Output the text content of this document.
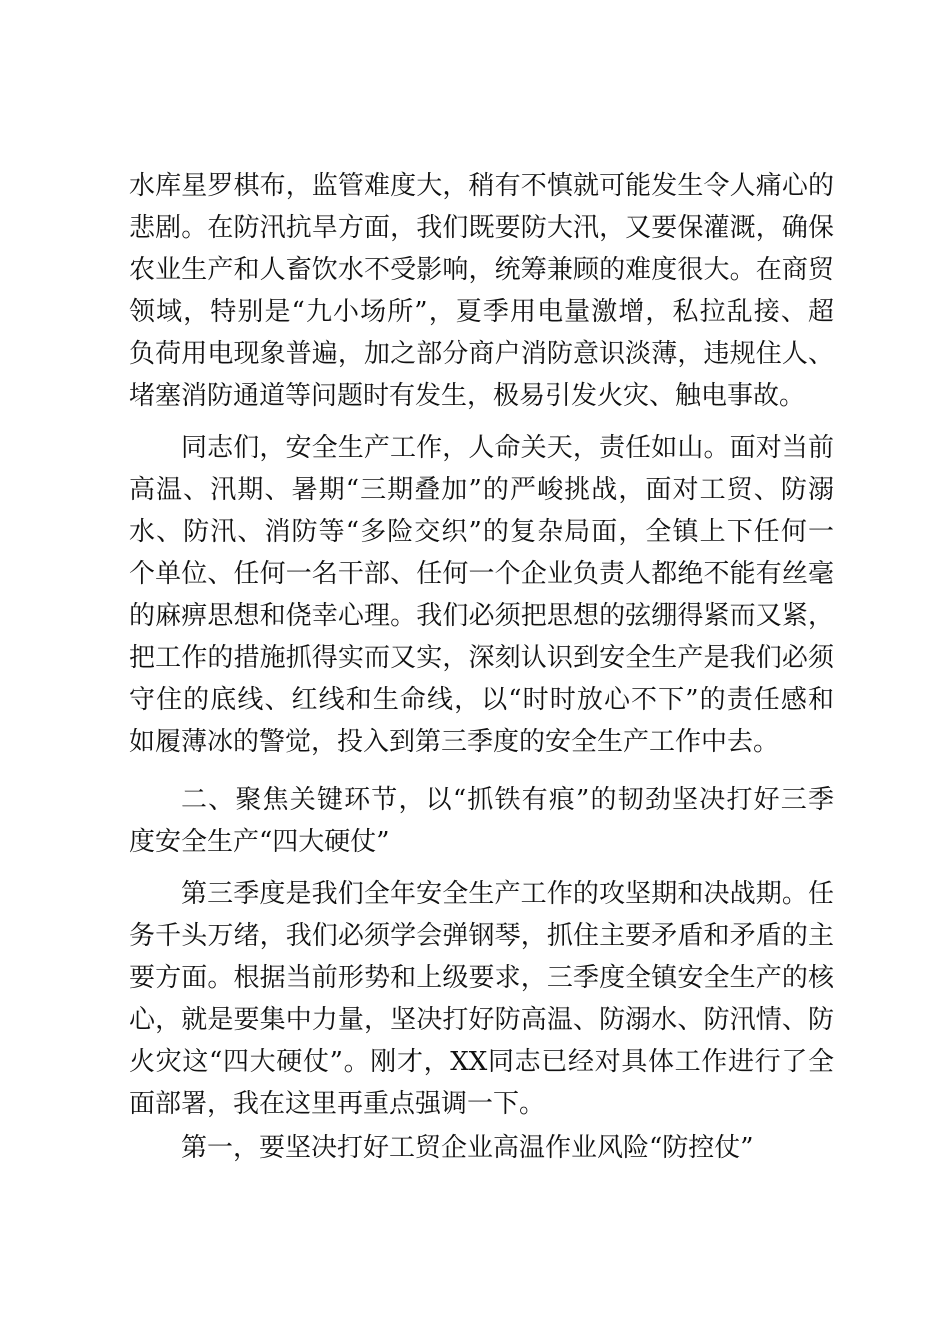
水库星罗棋布，监管难度大，稍有不慎就可能发生令人痛心的
悲剧。在防汛抗旱方面，我们既要防大汛，又要保灌溉，确保
农业生产和人畜饮水不受影响，统筹兼顾的难度很大。在商贸
领域，特别是“九小场所”，夏季用电量激增，私拉乱接、超
负荷用电现象普遍，加之部分商户消防意识淡薄，违规住人、
堵塞消防通道等问题时有发生，极易引发火灾、触电事故。
同志们，安全生产工作，人命关天，责任如山。面对当前
高温、汛期、暑期“三期叠加”的严峻挑战，面对工贸、防溺
水、防汛、消防等“多险交织”的复杂局面，全镇上下任何一
个单位、任何一名干部、任何一个企业负责人都绝不能有丝毫
的麻痹思想和侥幸心理。我们必须把思想的弦绷得紧而又紧，
把工作的措施抓得实而又实，深刻认识到安全生产是我们必须
守住的底线、红线和生命线，以“时时放心不下”的责任感和
如履薄冰的警觉，投入到第三季度的安全生产工作中去。
二、聚焦关键环节，以“抓铁有痕”的韧劲坚决打好三季
度安全生产“四大硬仗”
第三季度是我们全年安全生产工作的攻坚期和决战期。任
务千头万绪，我们必须学会弹钢琴，抓住主要矛盾和矛盾的主
要方面。根据当前形势和上级要求，三季度全镇安全生产的核
心，就是要集中力量，坚决打好防高温、防溺水、防汛情、防
火灾这“四大硬仗”。刚才，XX同志已经对具体工作进行了全
面部署，我在这里再重点强调一下。
第一，要坚决打好工贸企业高温作业风险“防控仗”
